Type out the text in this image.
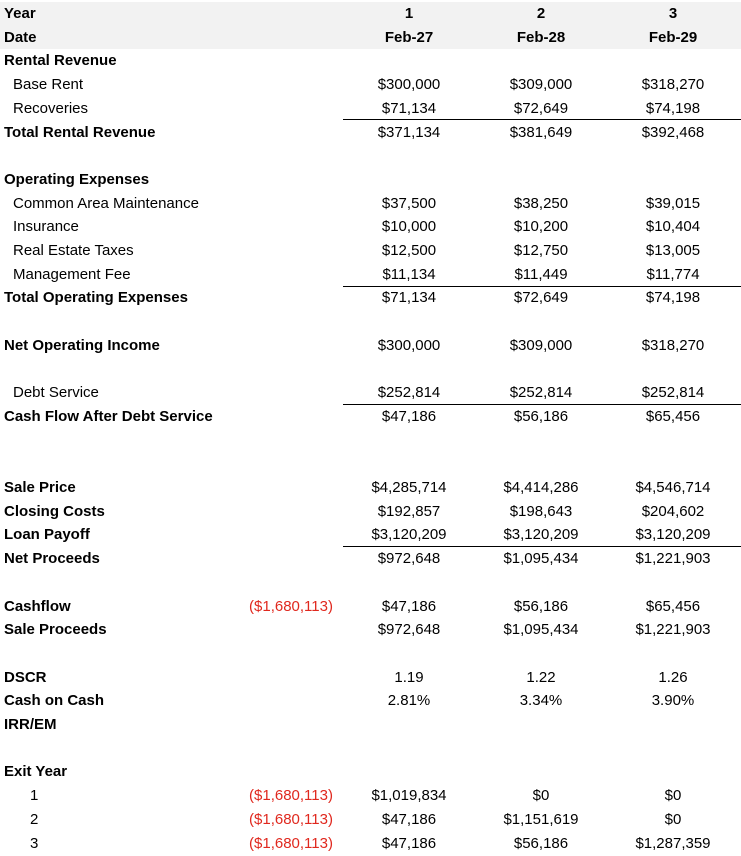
Year	1	2	3
Date	Feb-27	Feb-28	Feb-29
Rental Revenue
Base Rent	$300,000	$309,000	$318,270
Recoveries	$71,134	$72,649	$74,198
Total Rental Revenue	$371,134	$381,649	$392,468
Operating Expenses
Common Area Maintenance	$37,500	$38,250	$39,015
Insurance	$10,000	$10,200	$10,404
Real Estate Taxes	$12,500	$12,750	$13,005
Management Fee	$11,134	$11,449	$11,774
Total Operating Expenses	$71,134	$72,649	$74,198
Net Operating Income	$300,000	$309,000	$318,270
Debt Service	$252,814	$252,814	$252,814
Cash Flow After Debt Service	$47,186	$56,186	$65,456
Sale Price	$4,285,714	$4,414,286	$4,546,714
Closing Costs	$192,857	$198,643	$204,602
Loan Payoff	$3,120,209	$3,120,209	$3,120,209
Net Proceeds	$972,648	$1,095,434	$1,221,903
Cashflow	($1,680,113)	$47,186	$56,186	$65,456
Sale Proceeds	$972,648	$1,095,434	$1,221,903
DSCR	1.19	1.22	1.26
Cash on Cash	2.81%	3.34%	3.90%
IRR/EM
Exit Year
1	($1,680,113)	$1,019,834	$0	$0
2	($1,680,113)	$47,186	$1,151,619	$0
3	($1,680,113)	$47,186	$56,186	$1,287,359
